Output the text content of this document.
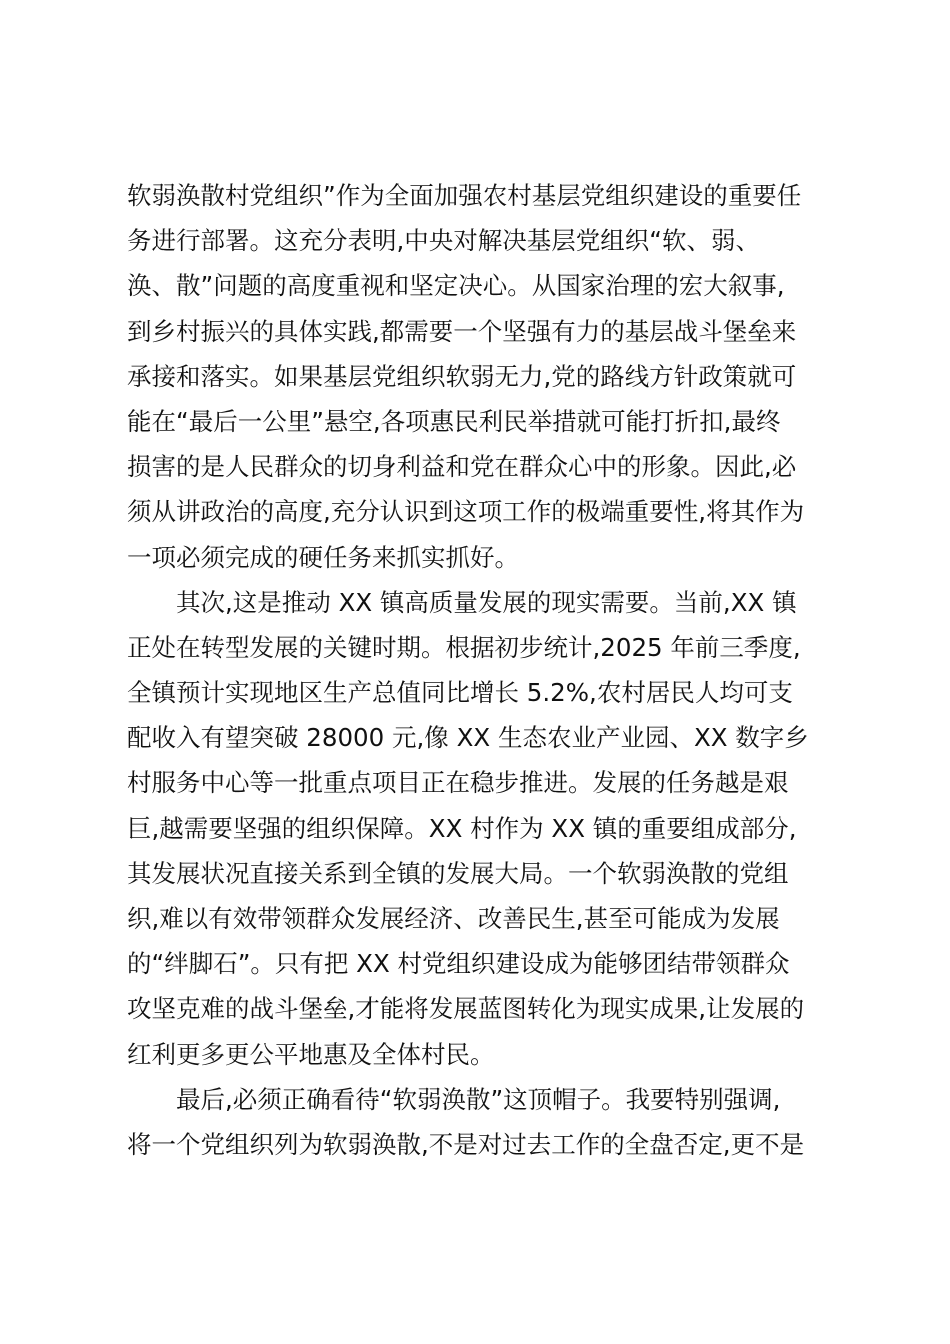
软弱涣散村党组织”作为全面加强农村基层党组织建设的重要任
务进行部署。这充分表明,中央对解决基层党组织“软、弱、
涣、散”问题的高度重视和坚定决心。从国家治理的宏大叙事,
到乡村振兴的具体实践,都需要一个坚强有力的基层战斗堡垒来
承接和落实。如果基层党组织软弱无力,党的路线方针政策就可
能在“最后一公里”悬空,各项惠民利民举措就可能打折扣,最终
损害的是人民群众的切身利益和党在群众心中的形象。因此,必
须从讲政治的高度,充分认识到这项工作的极端重要性,将其作为
一项必须完成的硬任务来抓实抓好。
其次,这是推动 XX 镇高质量发展的现实需要。当前,XX 镇
正处在转型发展的关键时期。根据初步统计,2025 年前三季度,
全镇预计实现地区生产总值同比增长 5.2%,农村居民人均可支
配收入有望突破 28000 元,像 XX 生态农业产业园、XX 数字乡
村服务中心等一批重点项目正在稳步推进。发展的任务越是艰
巨,越需要坚强的组织保障。XX 村作为 XX 镇的重要组成部分,
其发展状况直接关系到全镇的发展大局。一个软弱涣散的党组
织,难以有效带领群众发展经济、改善民生,甚至可能成为发展
的“绊脚石”。只有把 XX 村党组织建设成为能够团结带领群众
攻坚克难的战斗堡垒,才能将发展蓝图转化为现实成果,让发展的
红利更多更公平地惠及全体村民。
最后,必须正确看待“软弱涣散”这顶帽子。我要特别强调,
将一个党组织列为软弱涣散,不是对过去工作的全盘否定,更不是
